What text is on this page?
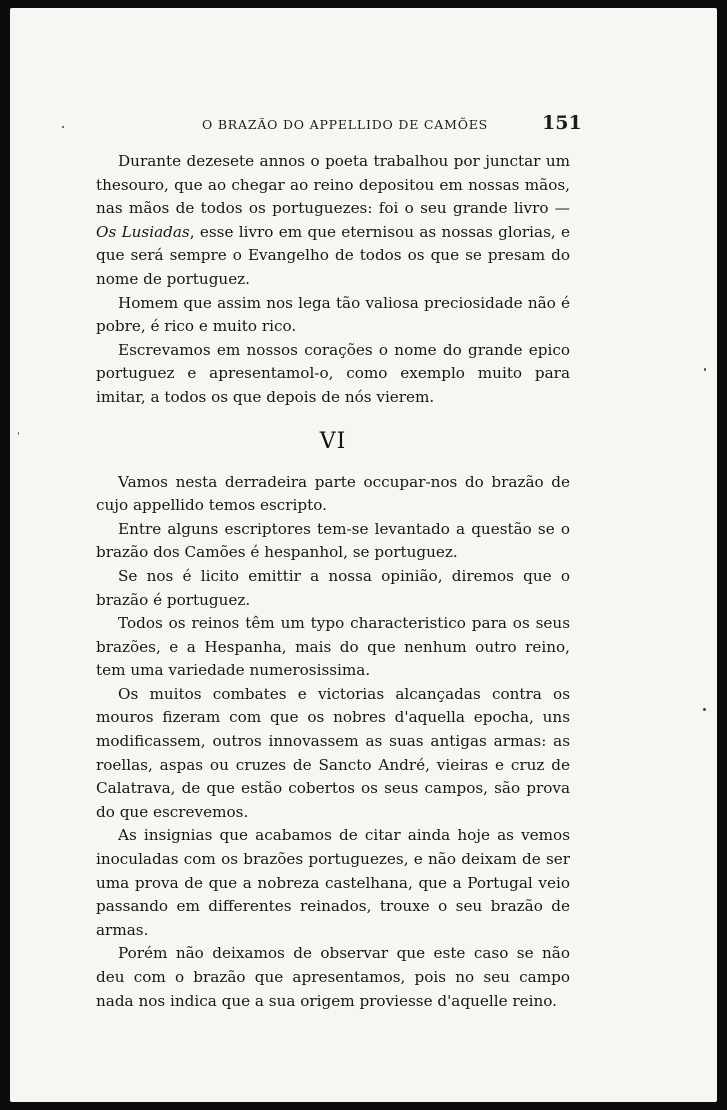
O BRAZÃO DO APPELLIDO DE CAMÕES	151

Durante dezesete annos o poeta trabalhou por junctar um thesouro, que ao chegar ao reino depositou em nossas mãos, nas mãos de todos os portuguezes: foi o seu grande livro — Os Lusiadas, esse livro em que eternisou as nossas glorias, e que será sempre o Evangelho de todos os que se presam do nome de portuguez.

Homem que assim nos lega tão valiosa preciosidade não é pobre, é rico e muito rico.

Escrevamos em nossos corações o nome do grande epico portuguez e apresentamol-o, como exemplo muito para imitar, a todos os que depois de nós vierem.

VI

Vamos nesta derradeira parte occupar-nos do brazão de cujo appellido temos escripto.

Entre alguns escriptores tem-se levantado a questão se o brazão dos Camões é hespanhol, se portuguez.

Se nos é licito emittir a nossa opinião, diremos que o brazão é portuguez.

Todos os reinos têm um typo characteristico para os seus brazões, e a Hespanha, mais do que nenhum outro reino, tem uma variedade numerosissima.

Os muitos combates e victorias alcançadas contra os mouros fizeram com que os nobres d'aquella epocha, uns modificassem, outros innovassem as suas antigas armas: as roellas, aspas ou cruzes de Sancto André, vieiras e cruz de Calatrava, de que estão cobertos os seus campos, são prova do que escrevemos.

As insignias que acabamos de citar ainda hoje as vemos inoculadas com os brazões portuguezes, e não deixam de ser uma prova de que a nobreza castelhana, que a Portugal veio passando em differentes reinados, trouxe o seu brazão de armas.

Porém não deixamos de observar que este caso se não deu com o brazão que apresentamos, pois no seu campo nada nos indica que a sua origem proviesse d'aquelle reino.
